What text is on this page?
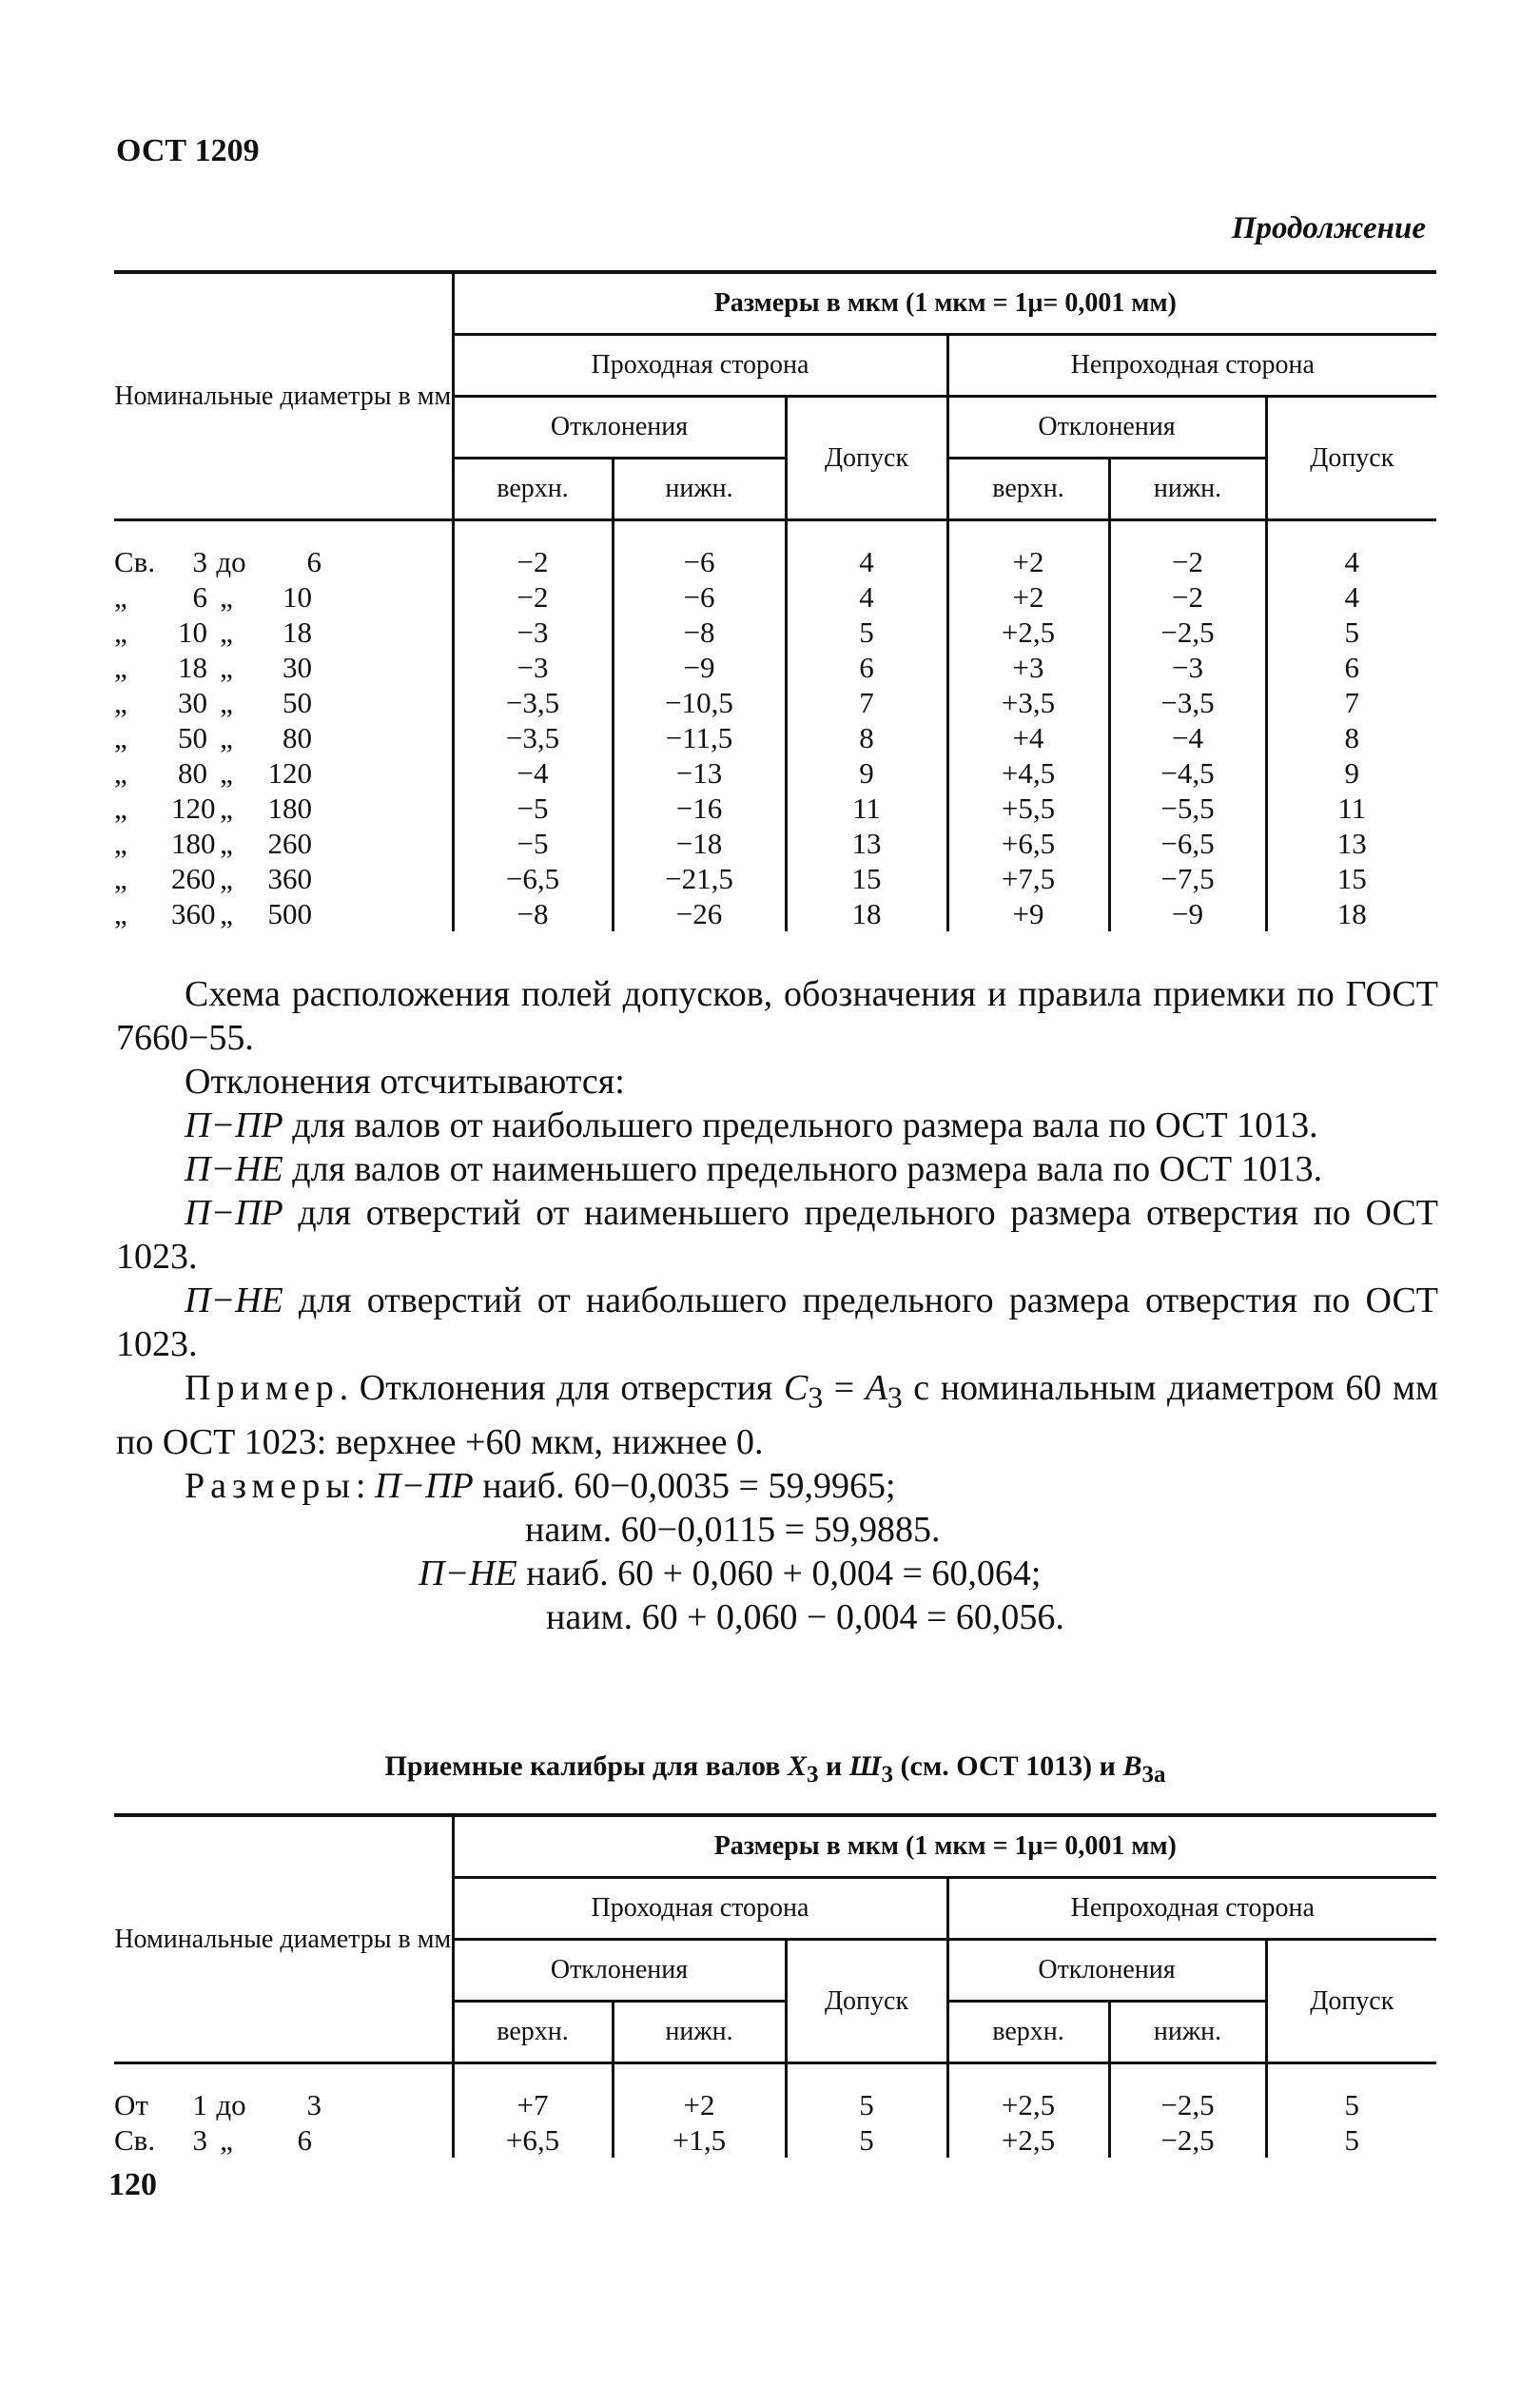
ОСТ 1209
Продолжение
Номинальные диаметры в мм	Размеры в мкм (1 мкм = 1μ= 0,001 мм)					
	Проходная сторона			Непроходная сторона		
	Отклонения		Допуск	Отклонения		Допуск
	верхн.	нижн.		верхн.	нижн.	
Св. 3 до 6	−2	−6	4	+2	−2	4
„ 6 „ 10	−2	−6	4	+2	−2	4
„ 10 „ 18	−3	−8	5	+2,5	−2,5	5
„ 18 „ 30	−3	−9	6	+3	−3	6
„ 30 „ 50	−3,5	−10,5	7	+3,5	−3,5	7
„ 50 „ 80	−3,5	−11,5	8	+4	−4	8
„ 80 „ 120	−4	−13	9	+4,5	−4,5	9
„ 120 „ 180	−5	−16	11	+5,5	−5,5	11
„ 180 „ 260	−5	−18	13	+6,5	−6,5	13
„ 260 „ 360	−6,5	−21,5	15	+7,5	−7,5	15
„ 360 „ 500	−8	−26	18	+9	−9	18

Схема расположения полей допусков, обозначения и правила приемки по ГОСТ 7660−55.

Отклонения отсчитываются:

П−ПР для валов от наибольшего предельного размера вала по ОСТ 1013.

П−НЕ для валов от наименьшего предельного размера вала по ОСТ 1013.

П−ПР для отверстий от наименьшего предельного размера отверстия по ОСТ 1023.

П−НЕ для отверстий от наибольшего предельного размера отверстия по ОСТ 1023.

Пример. Отклонения для отверстия $C_3 = A_3$ с номинальным диаметром 60 мм по ОСТ 1023: верхнее +60 мкм, нижнее 0.

Размеры: П−ПР наиб. 60−0,0035 = 59,9965;

наим. 60−0,0115 = 59,9885.

П−НЕ наиб. 60 + 0,060 + 0,004 = 60,064;

наим. 60 + 0,060 − 0,004 = 60,056.

Приемные калибры для валов $X_3$ и $Ш_3$ (см. ОСТ 1013) и $B_{3а}$
Номинальные диаметры в мм	Размеры в мкм (1 мкм = 1μ= 0,001 мм)					
	Проходная сторона			Непроходная сторона		
	Отклонения		Допуск	Отклонения		Допуск
	верхн.	нижн.		верхн.	нижн.	
От 1 до 3	+7	+2	5	+2,5	−2,5	5
Св. 3 „ 6	+6,5	+1,5	5	+2,5	−2,5	5
120
